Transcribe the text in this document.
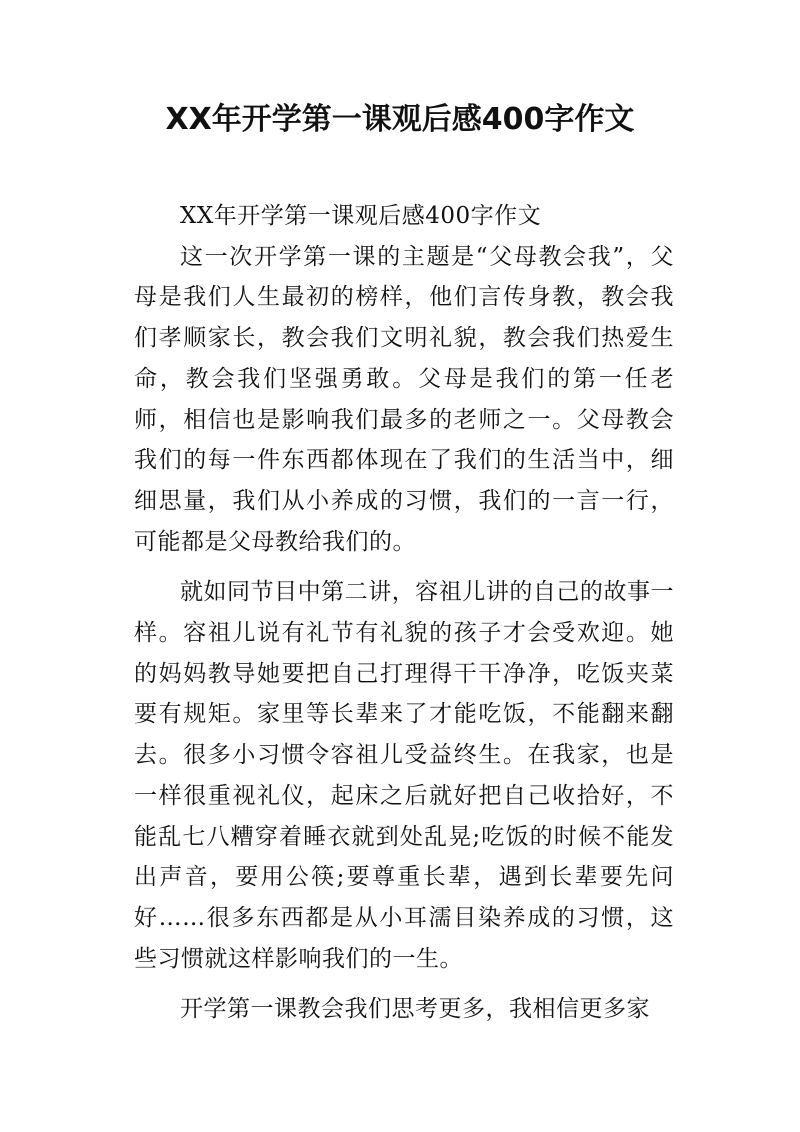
XX年开学第一课观后感400字作文

XX年开学第一课观后感400字作文

这一次开学第一课的主题是“父母教会我”，父母是我们人生最初的榜样，他们言传身教，教会我们孝顺家长，教会我们文明礼貌，教会我们热爱生命，教会我们坚强勇敢。父母是我们的第一任老师，相信也是影响我们最多的老师之一。父母教会我们的每一件东西都体现在了我们的生活当中，细细思量，我们从小养成的习惯，我们的一言一行，可能都是父母教给我们的。

就如同节目中第二讲，容祖儿讲的自己的故事一样。容祖儿说有礼节有礼貌的孩子才会受欢迎。她的妈妈教导她要把自己打理得干干净净，吃饭夹菜要有规矩。家里等长辈来了才能吃饭，不能翻来翻去。很多小习惯令容祖儿受益终生。在我家，也是一样很重视礼仪，起床之后就好把自己收拾好，不能乱七八糟穿着睡衣就到处乱晃;吃饭的时候不能发出声音，要用公筷;要尊重长辈，遇到长辈要先问好……很多东西都是从小耳濡目染养成的习惯，这些习惯就这样影响我们的一生。

开学第一课教会我们思考更多，我相信更多家
